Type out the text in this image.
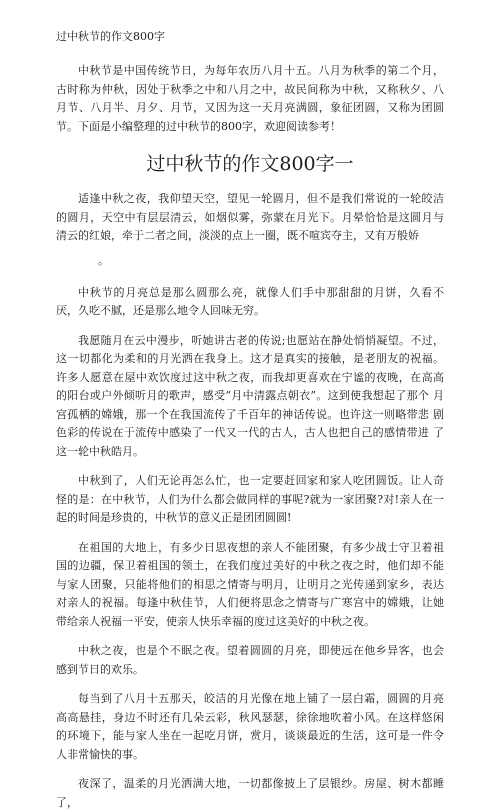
过中秋节的作文800字

中秋节是中国传统节日，为每年农历八月十五。八月为秋季的第二个月， 古时称为仲秋，因处于秋季之中和八月之中，故民间称为中秋，又称秋夕、八 月节、八月半、月夕、月节，又因为这一天月亮满圆，象征团圆，又称为团圆 节。下面是小编整理的过中秋节的800字，欢迎阅读参考！

过中秋节的作文800字一

适逢中秋之夜，我仰望天空，望见一轮圆月，但不是我们常说的一轮皎洁 的圆月，天空中有层层清云，如烟似雾，弥蒙在月光下。月晕恰恰是这圆月与 清云的红娘，牵于二者之间，淡淡的点上一圈，既不喧宾夺主，又有万般娇

。

中秋节的月亮总是那么圆那么亮，就像人们手中那甜甜的月饼，久看不 厌，久吃不腻，还是那么地令人回味无穷。

我愿随月在云中漫步，听她讲古老的传说;也愿站在静处悄悄凝望。不过， 这一切都化为柔和的月光洒在我身上。这才是真实的接触，是老朋友的祝福。 许多人愿意在屋中欢饮度过这中秋之夜，而我却更喜欢在宁谧的夜晚，在高高 的阳台或户外倾听月的歌声，感受“月中清露点朝衣”。这到使我想起了那个 月宫孤栖的嫦娥，那一个在我国流传了千百年的神话传说。也许这一则略带悲 剧色彩的传说在于流传中感染了一代又一代的古人，古人也把自己的感情带进 了这一轮中秋皓月。

中秋到了，人们无论再怎么忙，也一定要赶回家和家人吃团圆饭。让人奇 怪的是：在中秋节，人们为什么都会做同样的事呢?就为一家团聚?对!亲人在一 起的时间是珍贵的，中秋节的意义正是团团圆圆!

在祖国的大地上，有多少日思夜想的亲人不能团聚，有多少战士守卫着祖 国的边疆，保卫着祖国的领土，在我们度过美好的中秋之夜之时，他们却不能 与家人团聚，只能将他们的相思之情寄与明月，让明月之光传递到家乡，表达 对亲人的祝福。每逢中秋佳节，人们便将思念之情寄与广寒宫中的嫦娥，让她 带给亲人祝福一平安，使亲人快乐幸福的度过这美好的中秋之夜。

中秋之夜，也是个不眠之夜。望着圆圆的月亮，即使远在他乡异客，也会 感到节日的欢乐。

每当到了八月十五那天，皎洁的月光像在地上铺了一层白霜，圆圆的月亮 高高悬挂，身边不时还有几朵云彩，秋风瑟瑟，徐徐地吹着小风。在这样悠闲 的环境下，能与家人坐在一起吃月饼，赏月，谈谈最近的生活，这可是一件令 人非常愉快的事。

夜深了，温柔的月光洒满大地，一切都像披上了层银纱。房屋、树木都睡 了，
